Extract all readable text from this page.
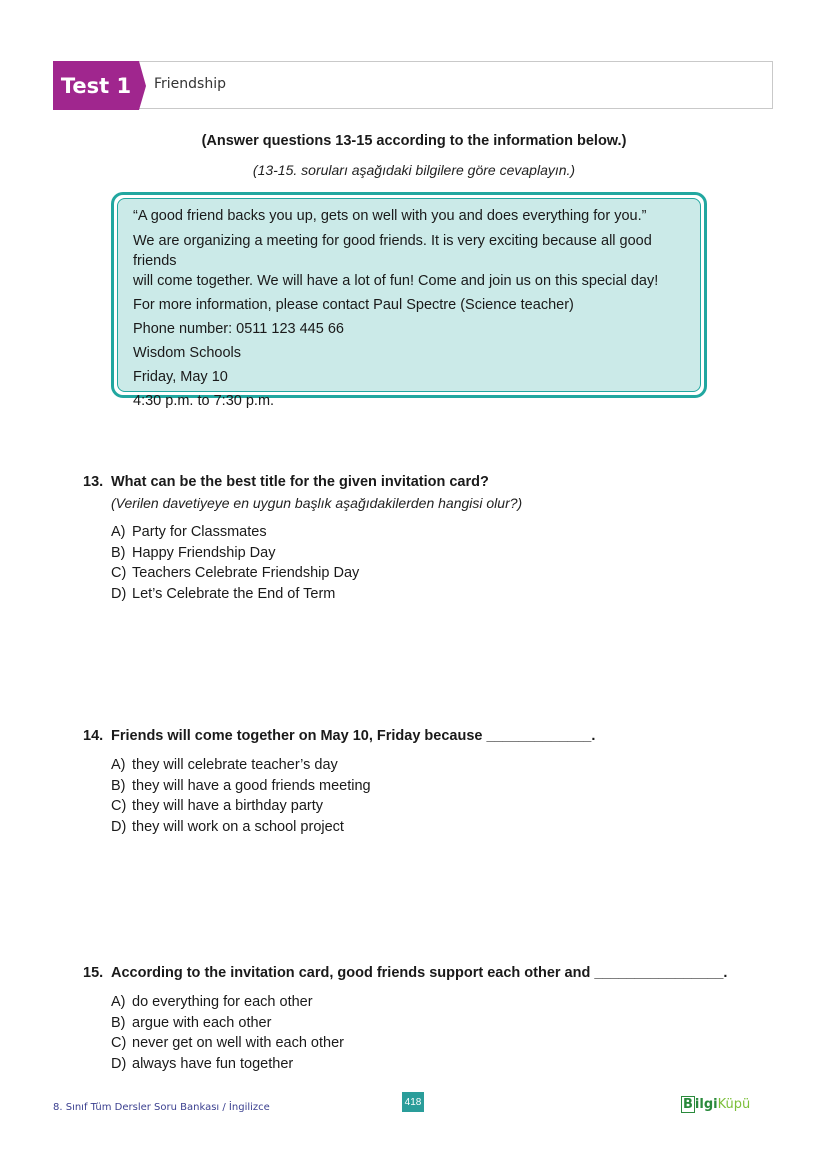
Test 1	Friendship
(Answer questions 13-15 according to the information below.)
(13-15. soruları aşağıdaki bilgilere göre cevaplayın.)
“A good friend backs you up, gets on well with you and does everything for you.”
We are organizing a meeting for good friends. It is very exciting because all good friends
will come together. We will have a lot of fun! Come and join us on this special day!
For more information, please contact Paul Spectre (Science teacher)
Phone number: 0511 123 445 66
Wisdom Schools
Friday, May 10
4:30 p.m. to 7:30 p.m.
13. What can be the best title for the given invitation card?
(Verilen davetiyeye en uygun başlık aşağıdakilerden hangisi olur?)
A) Party for Classmates
B) Happy Friendship Day
C) Teachers Celebrate Friendship Day
D) Let’s Celebrate the End of Term
14. Friends will come together on May 10, Friday because _____________.
A) they will celebrate teacher’s day
B) they will have a good friends meeting
C) they will have a birthday party
D) they will work on a school project
15. According to the invitation card, good friends support each other and ________________.
A) do everything for each other
B) argue with each other
C) never get on well with each other
D) always have fun together
8. Sınıf Tüm Dersler Soru Bankası / İngilizce	418	B ilgiKüpü
